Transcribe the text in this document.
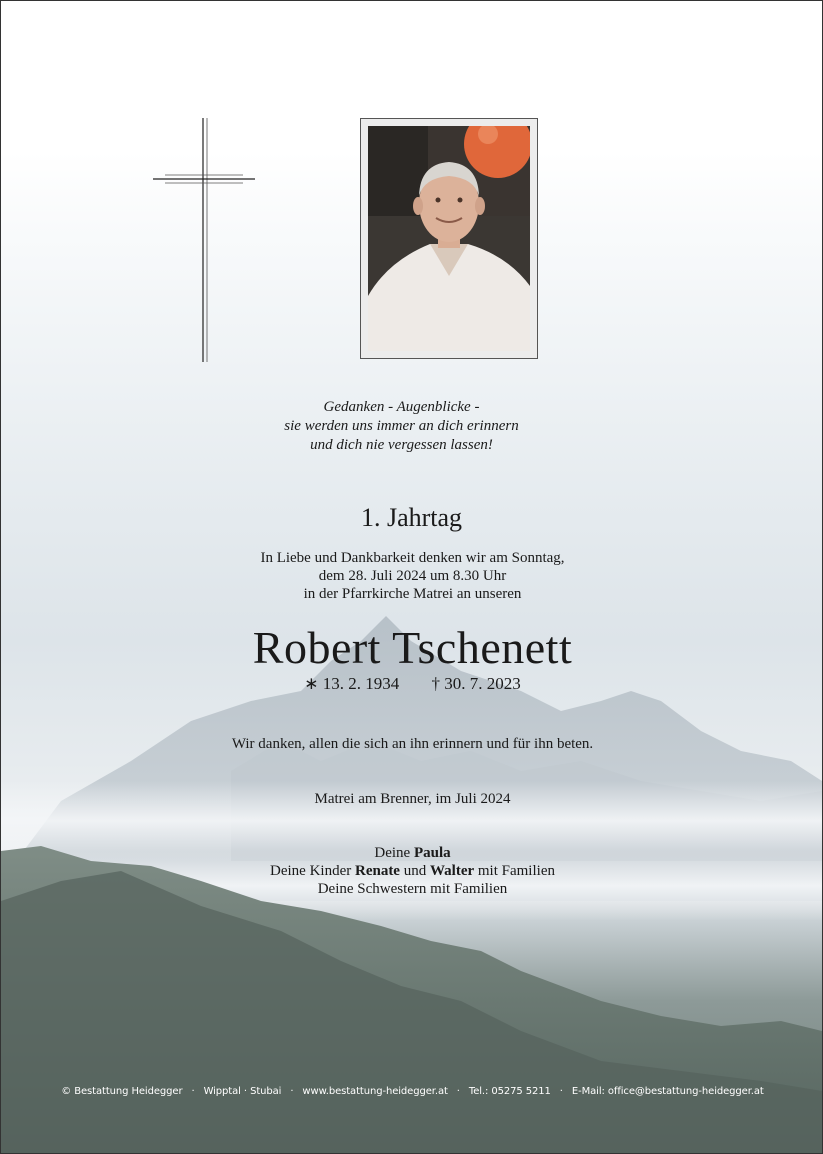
Gedanken - Augenblicke -
sie werden uns immer an dich erinnern
und dich nie vergessen lassen!
1. Jahrtag
In Liebe und Dankbarkeit denken wir am Sonntag,
dem 28. Juli 2024 um 8.30 Uhr
in der Pfarrkirche Matrei an unseren
Robert Tschenett
∗ 13. 2. 1934 † 30. 7. 2023
Wir danken, allen die sich an ihn erinnern und für ihn beten.
Matrei am Brenner, im Juli 2024
Deine Paula
Deine Kinder Renate und Walter mit Familien
Deine Schwestern mit Familien
© Bestattung Heidegger · Wipptal · Stubai · www.bestattung-heidegger.at · Tel.: 05275 5211 · E-Mail: office@bestattung-heidegger.at
